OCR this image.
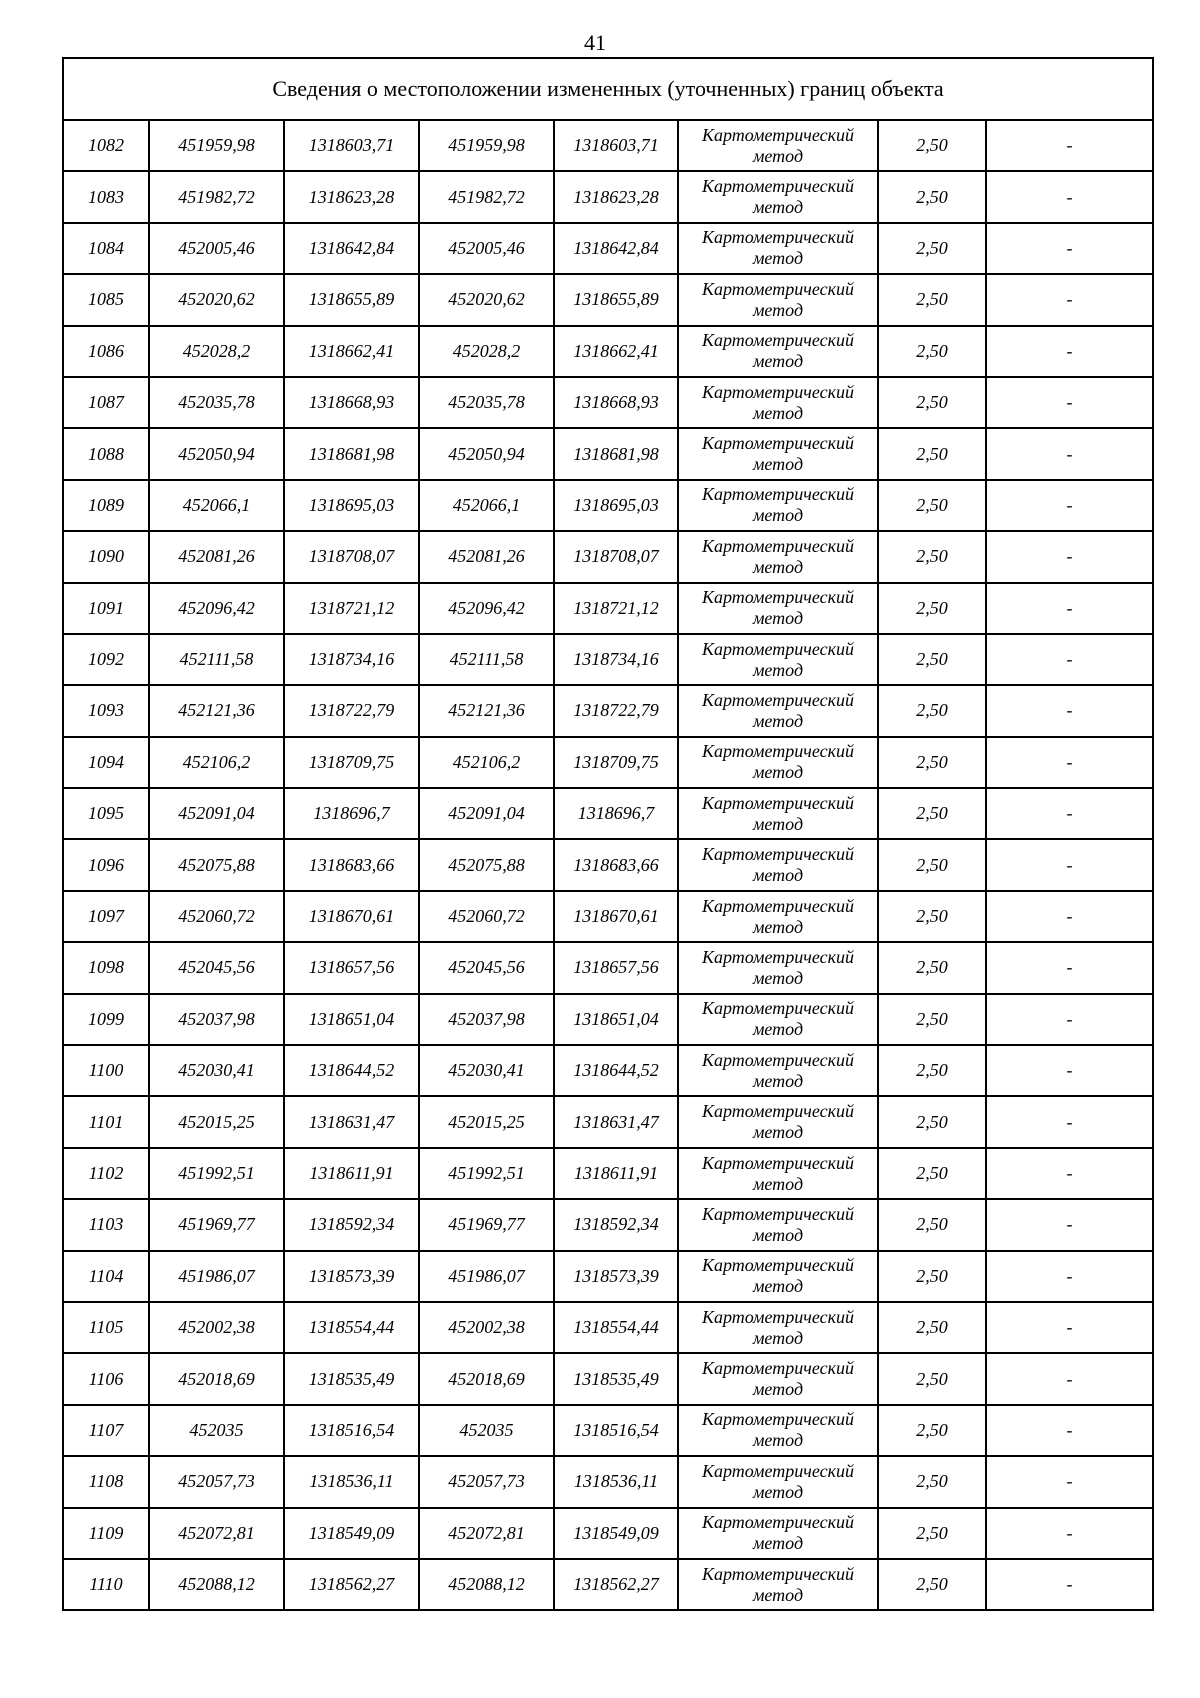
41
Сведения о местоположении измененных (уточненных) границ объекта							
1082	451959,98	1318603,71	451959,98	1318603,71	Картометрический
метод	2,50	-
1083	451982,72	1318623,28	451982,72	1318623,28	Картометрический
метод	2,50	-
1084	452005,46	1318642,84	452005,46	1318642,84	Картометрический
метод	2,50	-
1085	452020,62	1318655,89	452020,62	1318655,89	Картометрический
метод	2,50	-
1086	452028,2	1318662,41	452028,2	1318662,41	Картометрический
метод	2,50	-
1087	452035,78	1318668,93	452035,78	1318668,93	Картометрический
метод	2,50	-
1088	452050,94	1318681,98	452050,94	1318681,98	Картометрический
метод	2,50	-
1089	452066,1	1318695,03	452066,1	1318695,03	Картометрический
метод	2,50	-
1090	452081,26	1318708,07	452081,26	1318708,07	Картометрический
метод	2,50	-
1091	452096,42	1318721,12	452096,42	1318721,12	Картометрический
метод	2,50	-
1092	452111,58	1318734,16	452111,58	1318734,16	Картометрический
метод	2,50	-
1093	452121,36	1318722,79	452121,36	1318722,79	Картометрический
метод	2,50	-
1094	452106,2	1318709,75	452106,2	1318709,75	Картометрический
метод	2,50	-
1095	452091,04	1318696,7	452091,04	1318696,7	Картометрический
метод	2,50	-
1096	452075,88	1318683,66	452075,88	1318683,66	Картометрический
метод	2,50	-
1097	452060,72	1318670,61	452060,72	1318670,61	Картометрический
метод	2,50	-
1098	452045,56	1318657,56	452045,56	1318657,56	Картометрический
метод	2,50	-
1099	452037,98	1318651,04	452037,98	1318651,04	Картометрический
метод	2,50	-
1100	452030,41	1318644,52	452030,41	1318644,52	Картометрический
метод	2,50	-
1101	452015,25	1318631,47	452015,25	1318631,47	Картометрический
метод	2,50	-
1102	451992,51	1318611,91	451992,51	1318611,91	Картометрический
метод	2,50	-
1103	451969,77	1318592,34	451969,77	1318592,34	Картометрический
метод	2,50	-
1104	451986,07	1318573,39	451986,07	1318573,39	Картометрический
метод	2,50	-
1105	452002,38	1318554,44	452002,38	1318554,44	Картометрический
метод	2,50	-
1106	452018,69	1318535,49	452018,69	1318535,49	Картометрический
метод	2,50	-
1107	452035	1318516,54	452035	1318516,54	Картометрический
метод	2,50	-
1108	452057,73	1318536,11	452057,73	1318536,11	Картометрический
метод	2,50	-
1109	452072,81	1318549,09	452072,81	1318549,09	Картометрический
метод	2,50	-
1110	452088,12	1318562,27	452088,12	1318562,27	Картометрический
метод	2,50	-
